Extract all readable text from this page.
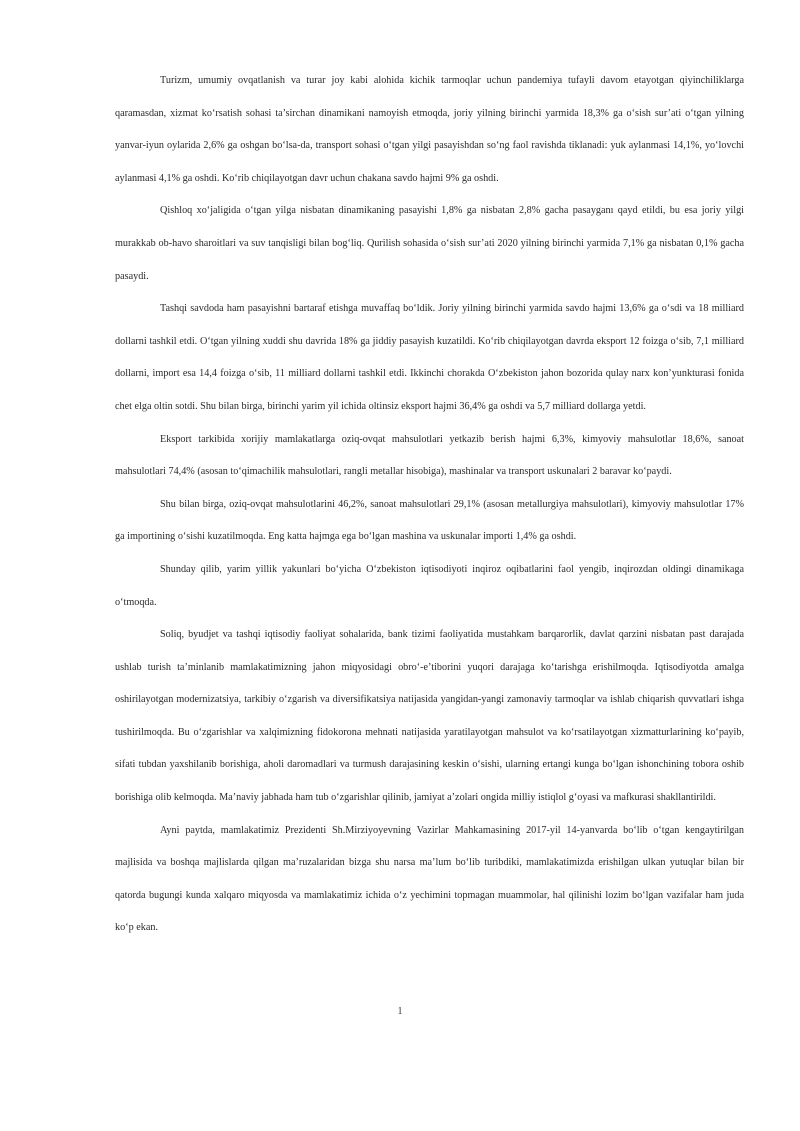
Turizm, umumiy ovqatlanish va turar joy kabi alohida kichik tarmoqlar uchun pandemiya tufayli davom etayotgan qiyinchiliklarga qaramasdan, xizmat ko‘rsatish sohasi ta’sirchan dinamikani namoyish etmoqda, joriy yilning birinchi yarmida 18,3% ga o‘sish sur’ati o‘tgan yilning yanvar-iyun oylarida 2,6% ga oshgan bo‘lsa-da, transport sohasi o‘tgan yilgi pasayishdan so‘ng faol ravishda tiklanadi: yuk aylanmasi 14,1%, yo‘lovchi aylanmasi 4,1% ga oshdi. Ko‘rib chiqilayotgan davr uchun chakana savdo hajmi 9% ga oshdi.

Qishloq xo‘jaligida o‘tgan yilga nisbatan dinamikaning pasayishi 1,8% ga nisbatan 2,8% gacha pasayganı qayd etildi, bu esa joriy yilgi murakkab ob-havo sharoitlari va suv tanqisligi bilan bog‘liq. Qurilish sohasida o‘sish sur’ati 2020 yilning birinchi yarmida 7,1% ga nisbatan 0,1% gacha pasaydi.

Tashqi savdoda ham pasayishni bartaraf etishga muvaffaq bo‘ldik. Joriy yilning birinchi yarmida savdo hajmi 13,6% ga o‘sdi va 18 milliard dollarni tashkil etdi. O‘tgan yilning xuddi shu davrida 18% ga jiddiy pasayish kuzatildi. Ko‘rib chiqilayotgan davrda eksport 12 foizga o‘sib, 7,1 milliard dollarni, import esa 14,4 foizga o‘sib, 11 milliard dollarni tashkil etdi. Ikkinchi chorakda O‘zbekiston jahon bozorida qulay narx kon’yunkturasi fonida chet elga oltin sotdi. Shu bilan birga, birinchi yarim yil ichida oltinsiz eksport hajmi 36,4% ga oshdi va 5,7 milliard dollarga yetdi.

Eksport tarkibida xorijiy mamlakatlarga oziq-ovqat mahsulotlari yetkazib berish hajmi 6,3%, kimyoviy mahsulotlar 18,6%, sanoat mahsulotlari 74,4% (asosan to‘qimachilik mahsulotlari, rangli metallar hisobiga), mashinalar va transport uskunalari 2 baravar ko‘paydi.

Shu bilan birga, oziq-ovqat mahsulotlarini 46,2%, sanoat mahsulotlari 29,1% (asosan metallurgiya mahsulotlari), kimyoviy mahsulotlar 17% ga importining o‘sishi kuzatilmoqda. Eng katta hajmga ega bo‘lgan mashina va uskunalar importi 1,4% ga oshdi.

Shunday qilib, yarim yillik yakunlari bo‘yicha O‘zbekiston iqtisodiyoti inqiroz oqibatlarini faol yengib, inqirozdan oldingi dinamikaga o‘tmoqda.

Soliq, byudjet va tashqi iqtisodiy faoliyat sohalarida, bank tizimi faoliyatida mustahkam barqarorlik, davlat qarzini nisbatan past darajada ushlab turish ta’minlanib mamlakatimizning jahon miqyosidagi obro‘-e’tiborini yuqori darajaga ko‘tarishga erishilmoqda. Iqtisodiyotda amalga oshirilayotgan modernizatsiya, tarkibiy o‘zgarish va diversifikatsiya natijasida yangidan-yangi zamonaviy tarmoqlar va ishlab chiqarish quvvatlari ishga tushirilmoqda. Bu o‘zgarishlar va xalqimizning fidokorona mehnati natijasida yaratilayotgan mahsulot va ko‘rsatilayotgan xizmatturlarining ko‘payib, sifati tubdan yaxshilanib borishiga, aholi daromadlari va turmush darajasining keskin o‘sishi, ularning ertangi kunga bo‘lgan ishonchining tobora oshib borishiga olib kelmoqda. Ma’naviy jabhada ham tub o‘zgarishlar qilinib, jamiyat a’zolari ongida milliy istiqlol g‘oyasi va mafkurasi shakllantirildi.

Ayni paytda, mamlakatimiz Prezidenti Sh.Mirziyoyevning Vazirlar Mahkamasining 2017-yil 14-yanvarda bo‘lib o‘tgan kengaytirilgan majlisida va boshqa majlislarda qilgan ma’ruzalaridan bizga shu narsa ma’lum bo‘lib turibdiki, mamlakatimizda erishilgan ulkan yutuqlar bilan bir qatorda bugungi kunda xalqaro miqyosda va mamlakatimiz ichida o‘z yechimini topmagan muammolar, hal qilinishi lozim bo‘lgan vazifalar ham juda ko‘p ekan.

1
